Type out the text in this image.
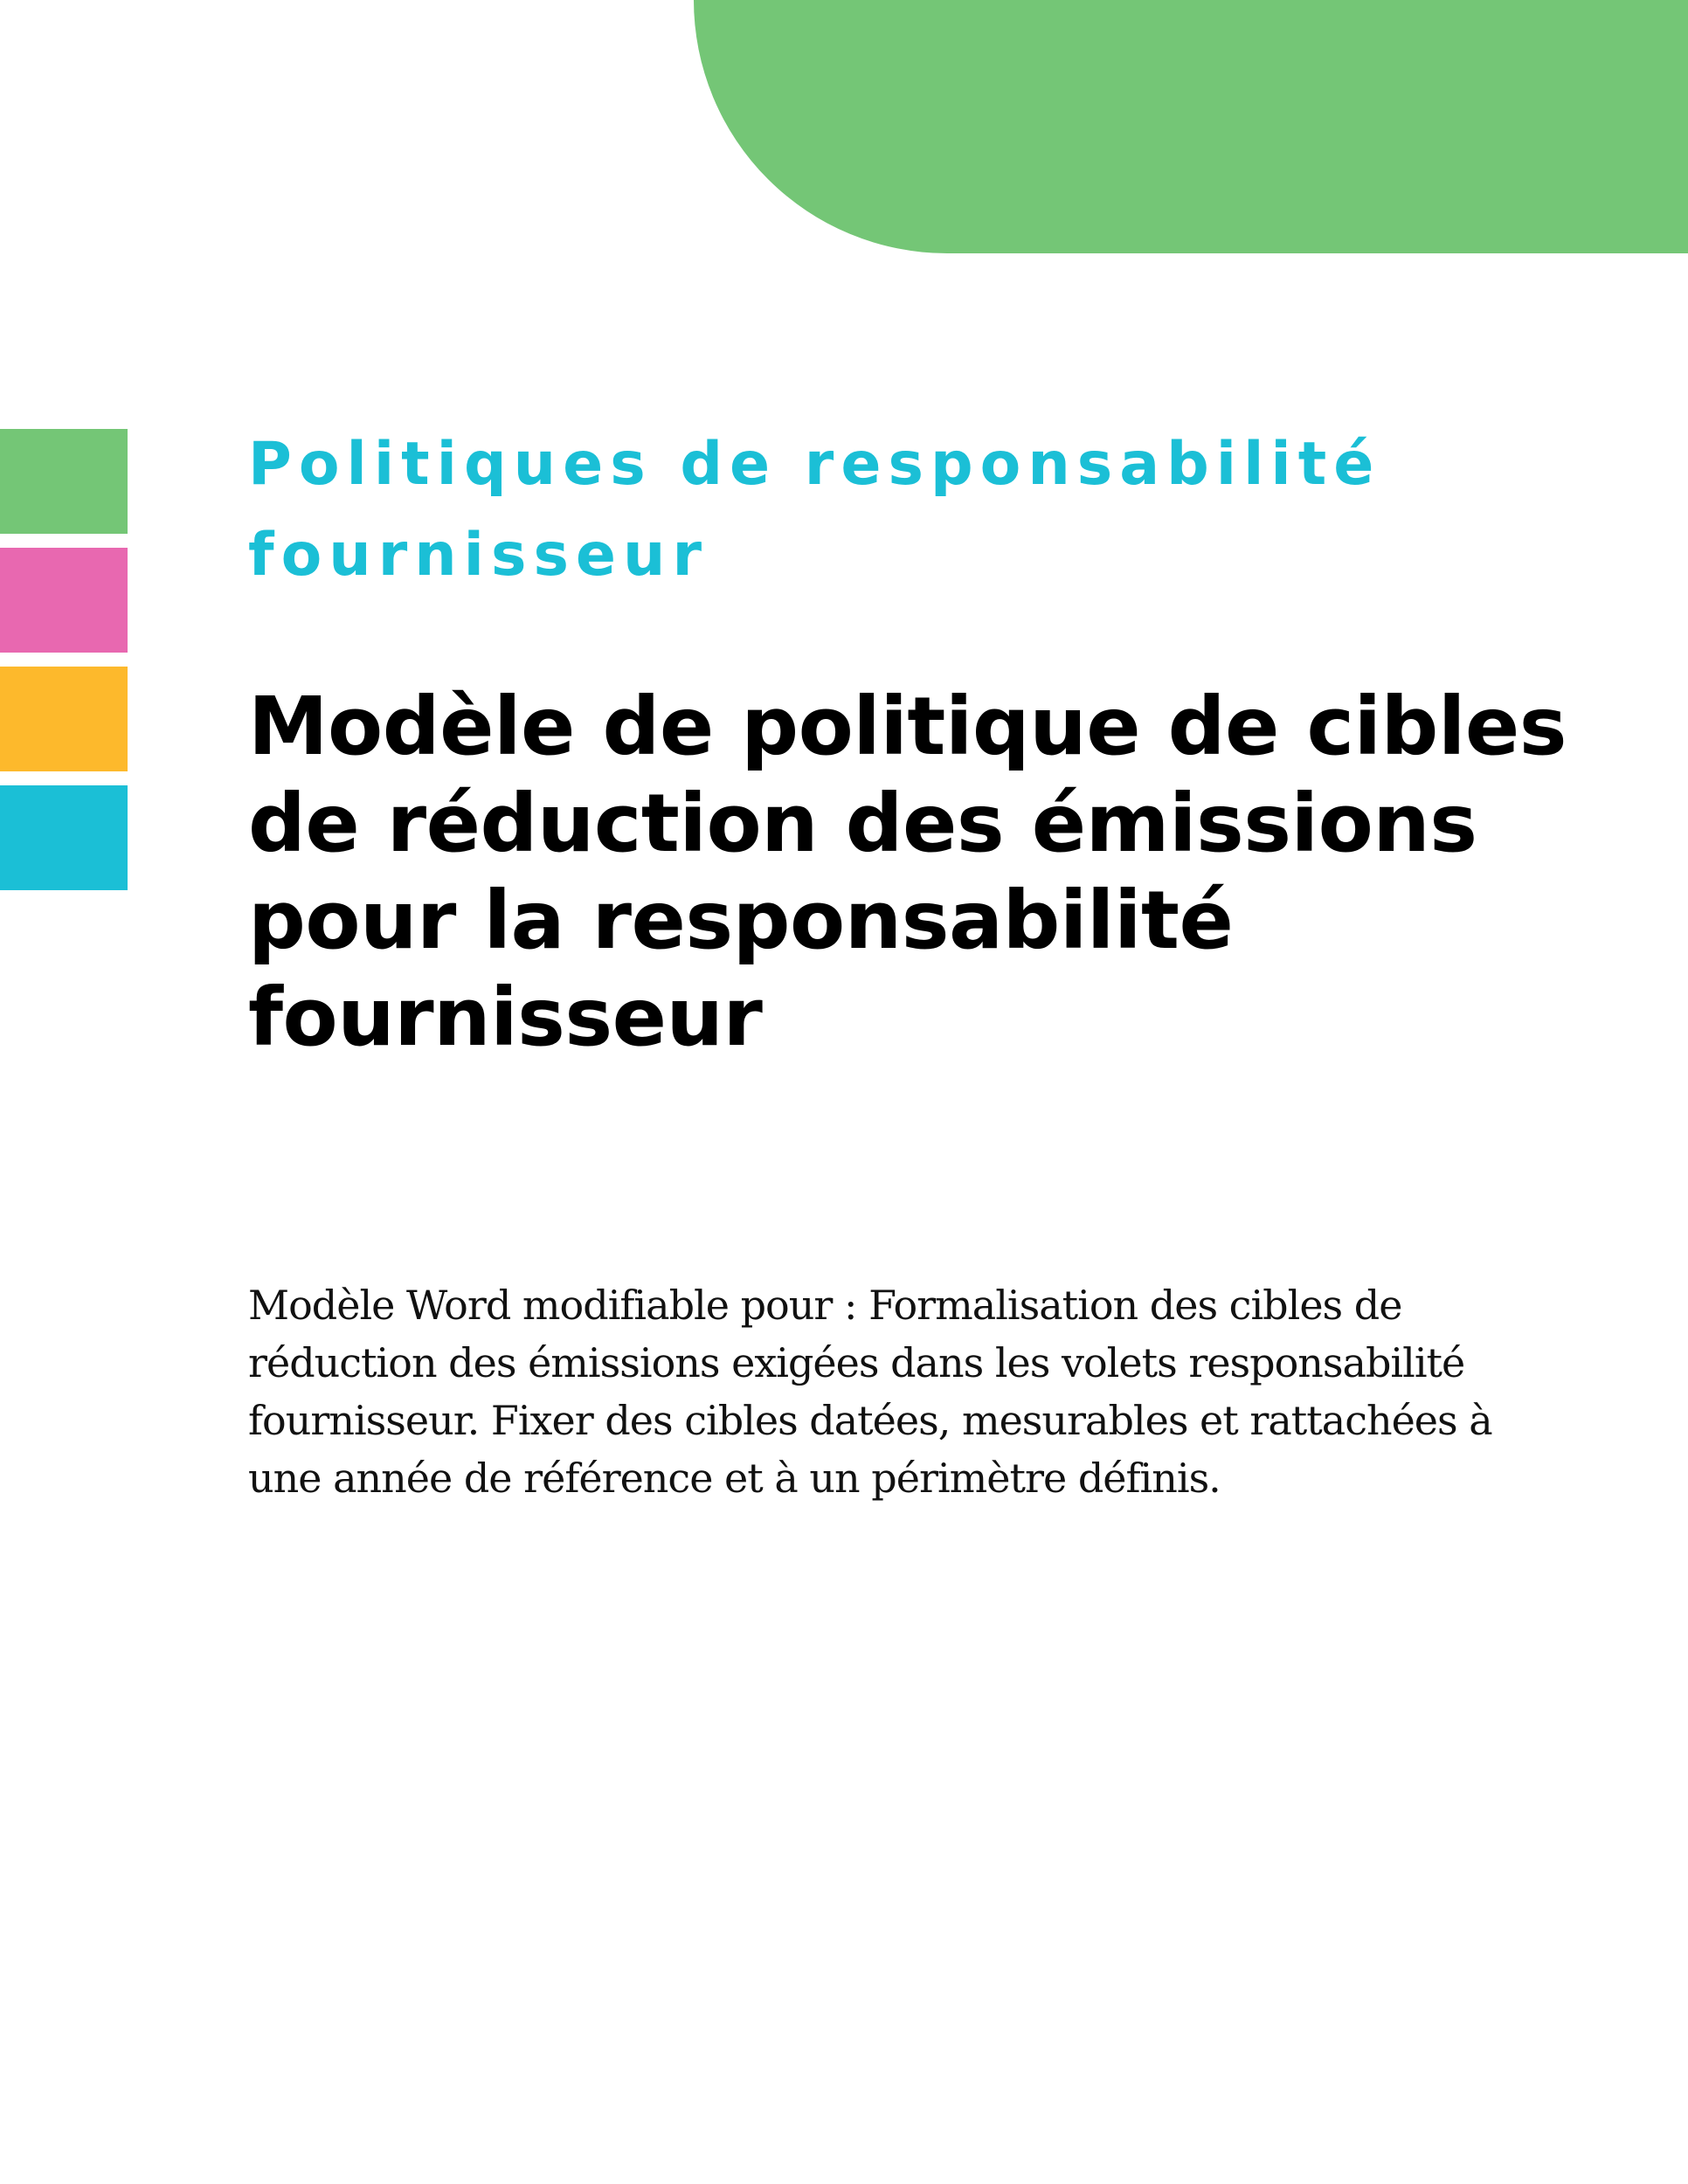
Politiques de responsabilité fournisseur
Modèle de politique de cibles de réduction des émissions pour la responsabilité fournisseur

Modèle Word modifiable pour : Formalisation des cibles de réduction des émissions exigées dans les volets responsabilité fournisseur. Fixer des cibles datées, mesurables et rattachées à une année de référence et à un périmètre définis.
